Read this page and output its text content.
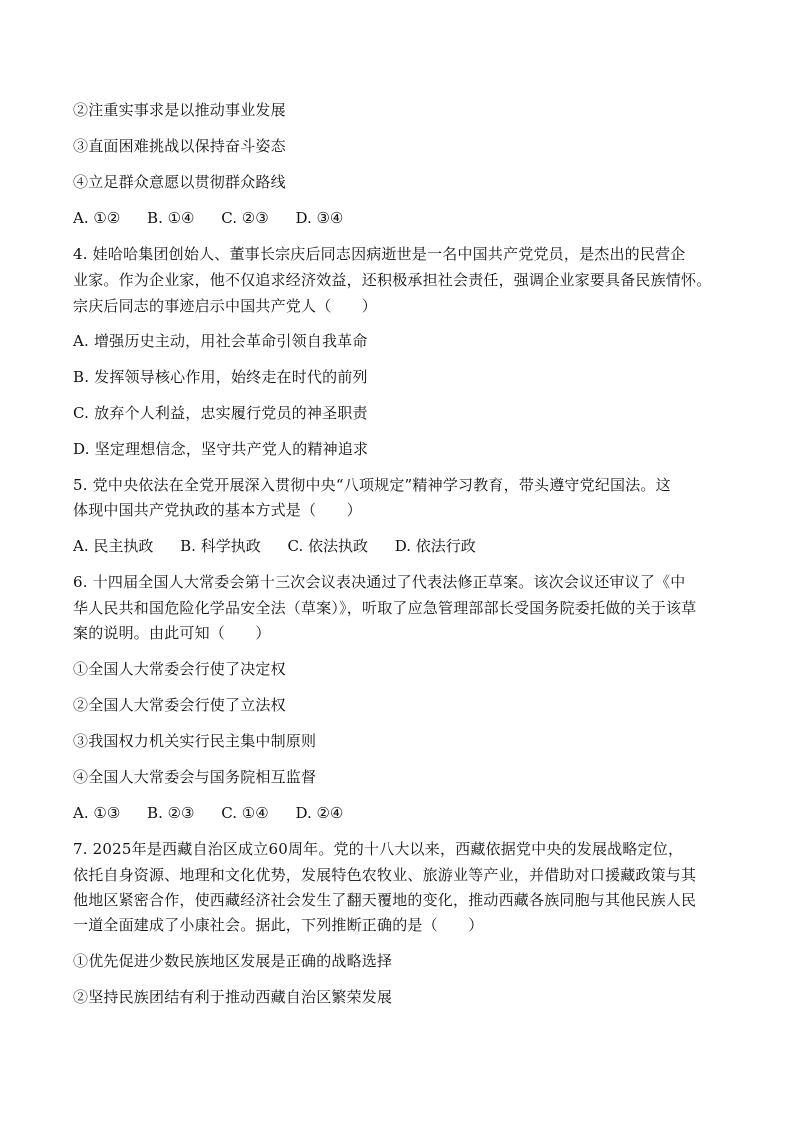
②注重实事求是以推动事业发展
③直面困难挑战以保持奋斗姿态
④立足群众意愿以贯彻群众路线
A. ①② B. ①④ C. ②③ D. ③④
4. 娃哈哈集团创始人、董事长宗庆后同志因病逝世是一名中国共产党党员，是杰出的民营企
业家。作为企业家，他不仅追求经济效益，还积极承担社会责任，强调企业家要具备民族情怀。
宗庆后同志的事迹启示中国共产党人（　　）
A. 增强历史主动，用社会革命引领自我革命
B. 发挥领导核心作用，始终走在时代的前列
C. 放弃个人利益，忠实履行党员的神圣职责
D. 坚定理想信念，坚守共产党人的精神追求
5. 党中央依法在全党开展深入贯彻中央“八项规定”精神学习教育，带头遵守党纪国法。这
体现中国共产党执政的基本方式是（　　）
A. 民主执政 B. 科学执政 C. 依法执政 D. 依法行政
6. 十四届全国人大常委会第十三次会议表决通过了代表法修正草案。该次会议还审议了《中
华人民共和国危险化学品安全法（草案）》，听取了应急管理部部长受国务院委托做的关于该草
案的说明。由此可知（　　）
①全国人大常委会行使了决定权
②全国人大常委会行使了立法权
③我国权力机关实行民主集中制原则
④全国人大常委会与国务院相互监督
A. ①③ B. ②③ C. ①④ D. ②④
7. 2025年是西藏自治区成立60周年。党的十八大以来，西藏依据党中央的发展战略定位，
依托自身资源、地理和文化优势，发展特色农牧业、旅游业等产业，并借助对口援藏政策与其
他地区紧密合作，使西藏经济社会发生了翻天覆地的变化，推动西藏各族同胞与其他民族人民
一道全面建成了小康社会。据此，下列推断正确的是（　　）
①优先促进少数民族地区发展是正确的战略选择
②坚持民族团结有利于推动西藏自治区繁荣发展
